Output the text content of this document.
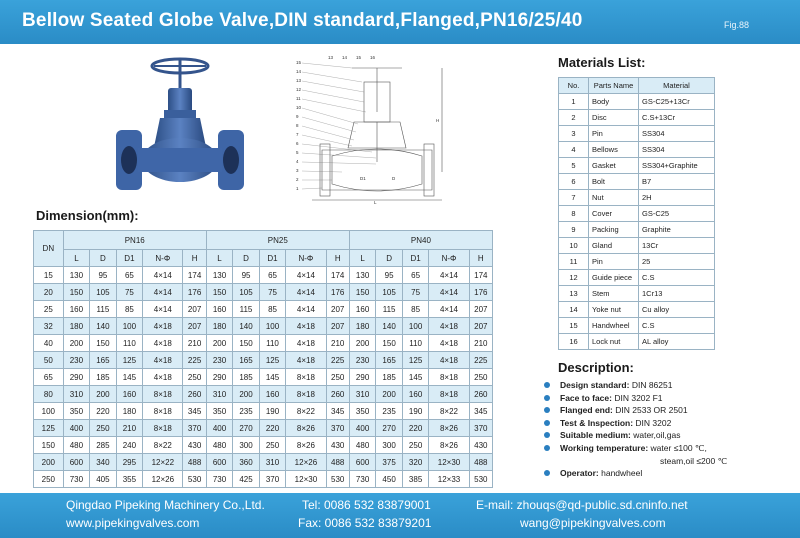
Bellow Seated Globe Valve,DIN standard,Flanged,PN16/25/40	Fig.88
15
14
13
12
11
10
9
8
7
6
5
4
3
2
1
13 14 15 16
H
L
D1	D
Dimension(mm):
DN	PN16					PN25					PN40				
	L	D	D1	N-Φ	H	L	D	D1	N-Φ	H	L	D	D1	N-Φ	H
15	130	95	65	4×14	174	130	95	65	4×14	174	130	95	65	4×14	174
20	150	105	75	4×14	176	150	105	75	4×14	176	150	105	75	4×14	176
25	160	115	85	4×14	207	160	115	85	4×14	207	160	115	85	4×14	207
32	180	140	100	4×18	207	180	140	100	4×18	207	180	140	100	4×18	207
40	200	150	110	4×18	210	200	150	110	4×18	210	200	150	110	4×18	210
50	230	165	125	4×18	225	230	165	125	4×18	225	230	165	125	4×18	225
65	290	185	145	4×18	250	290	185	145	8×18	250	290	185	145	8×18	250
80	310	200	160	8×18	260	310	200	160	8×18	260	310	200	160	8×18	260
100	350	220	180	8×18	345	350	235	190	8×22	345	350	235	190	8×22	345
125	400	250	210	8×18	370	400	270	220	8×26	370	400	270	220	8×26	370
150	480	285	240	8×22	430	480	300	250	8×26	430	480	300	250	8×26	430
200	600	340	295	12×22	488	600	360	310	12×26	488	600	375	320	12×30	488
250	730	405	355	12×26	530	730	425	370	12×30	530	730	450	385	12×33	530
Materials List:
No.	Parts Name	Material
1	Body	GS-C25+13Cr
2	Disc	C.S+13Cr
3	Pin	SS304
4	Bellows	SS304
5	Gasket	SS304+Graphite
6	Bolt	B7
7	Nut	2H
8	Cover	GS-C25
9	Packing	Graphite
10	Gland	13Cr
11	Pin	25
12	Guide piece	C.S
13	Stem	1Cr13
14	Yoke nut	Cu alloy
15	Handwheel	C.S
16	Lock nut	AL alloy
Description:
Design standard: DIN 86251
Face to face: DIN 3202 F1
Flanged end: DIN 2533 OR 2501
Test & Inspection: DIN 3202
Suitable medium: water,oil,gas
Working temperature: water ≤100 ℃,
steam,oil ≤200 ℃
Operator: handwheel
Qingdao Pipeking Machinery Co.,Ltd.
www.pipekingvalves.com
Tel: 0086 532 83879001
Fax: 0086 532 83879201
E-mail: zhouqs@qd-public.sd.cninfo.net
wang@pipekingvalves.com
